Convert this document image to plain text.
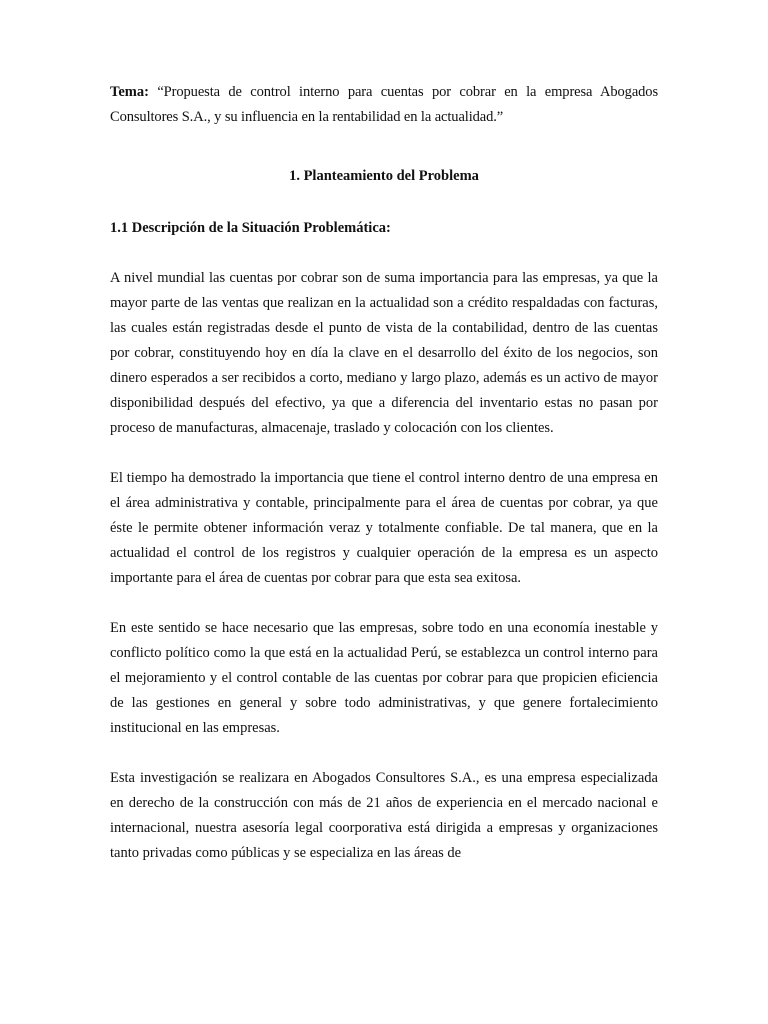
Tema: “Propuesta de control interno para cuentas por cobrar en la empresa Abogados Consultores S.A., y su influencia en la rentabilidad en la actualidad.”

1. Planteamiento del Problema
1.1 Descripción de la Situación Problemática:

A nivel mundial las cuentas por cobrar son de suma importancia para las empresas, ya que la mayor parte de las ventas que realizan en la actualidad son a crédito respaldadas con facturas, las cuales están registradas desde el punto de vista de la contabilidad, dentro de las cuentas por cobrar, constituyendo hoy en día la clave en el desarrollo del éxito de los negocios, son dinero esperados a ser recibidos a corto, mediano y largo plazo, además es un activo de mayor disponibilidad después del efectivo, ya que a diferencia del inventario estas no pasan por proceso de manufacturas, almacenaje, traslado y colocación con los clientes.

El tiempo ha demostrado la importancia que tiene el control interno dentro de una empresa en el área administrativa y contable, principalmente para el área de cuentas por cobrar, ya que éste le permite obtener información veraz y totalmente confiable. De tal manera, que en la actualidad el control de los registros y cualquier operación de la empresa es un aspecto importante para el área de cuentas por cobrar para que esta sea exitosa.

En este sentido se hace necesario que las empresas, sobre todo en una economía inestable y conflicto político como la que está en la actualidad Perú, se establezca un control interno para el mejoramiento y el control contable de las cuentas por cobrar para que propicien eficiencia de las gestiones en general y sobre todo administrativas, y que genere fortalecimiento institucional en las empresas.

Esta investigación se realizara en Abogados Consultores S.A., es una empresa especializada en derecho de la construcción con más de 21 años de experiencia en el mercado nacional e internacional, nuestra asesoría legal coorporativa está dirigida a empresas y organizaciones tanto privadas como públicas y se especializa en las áreas de
